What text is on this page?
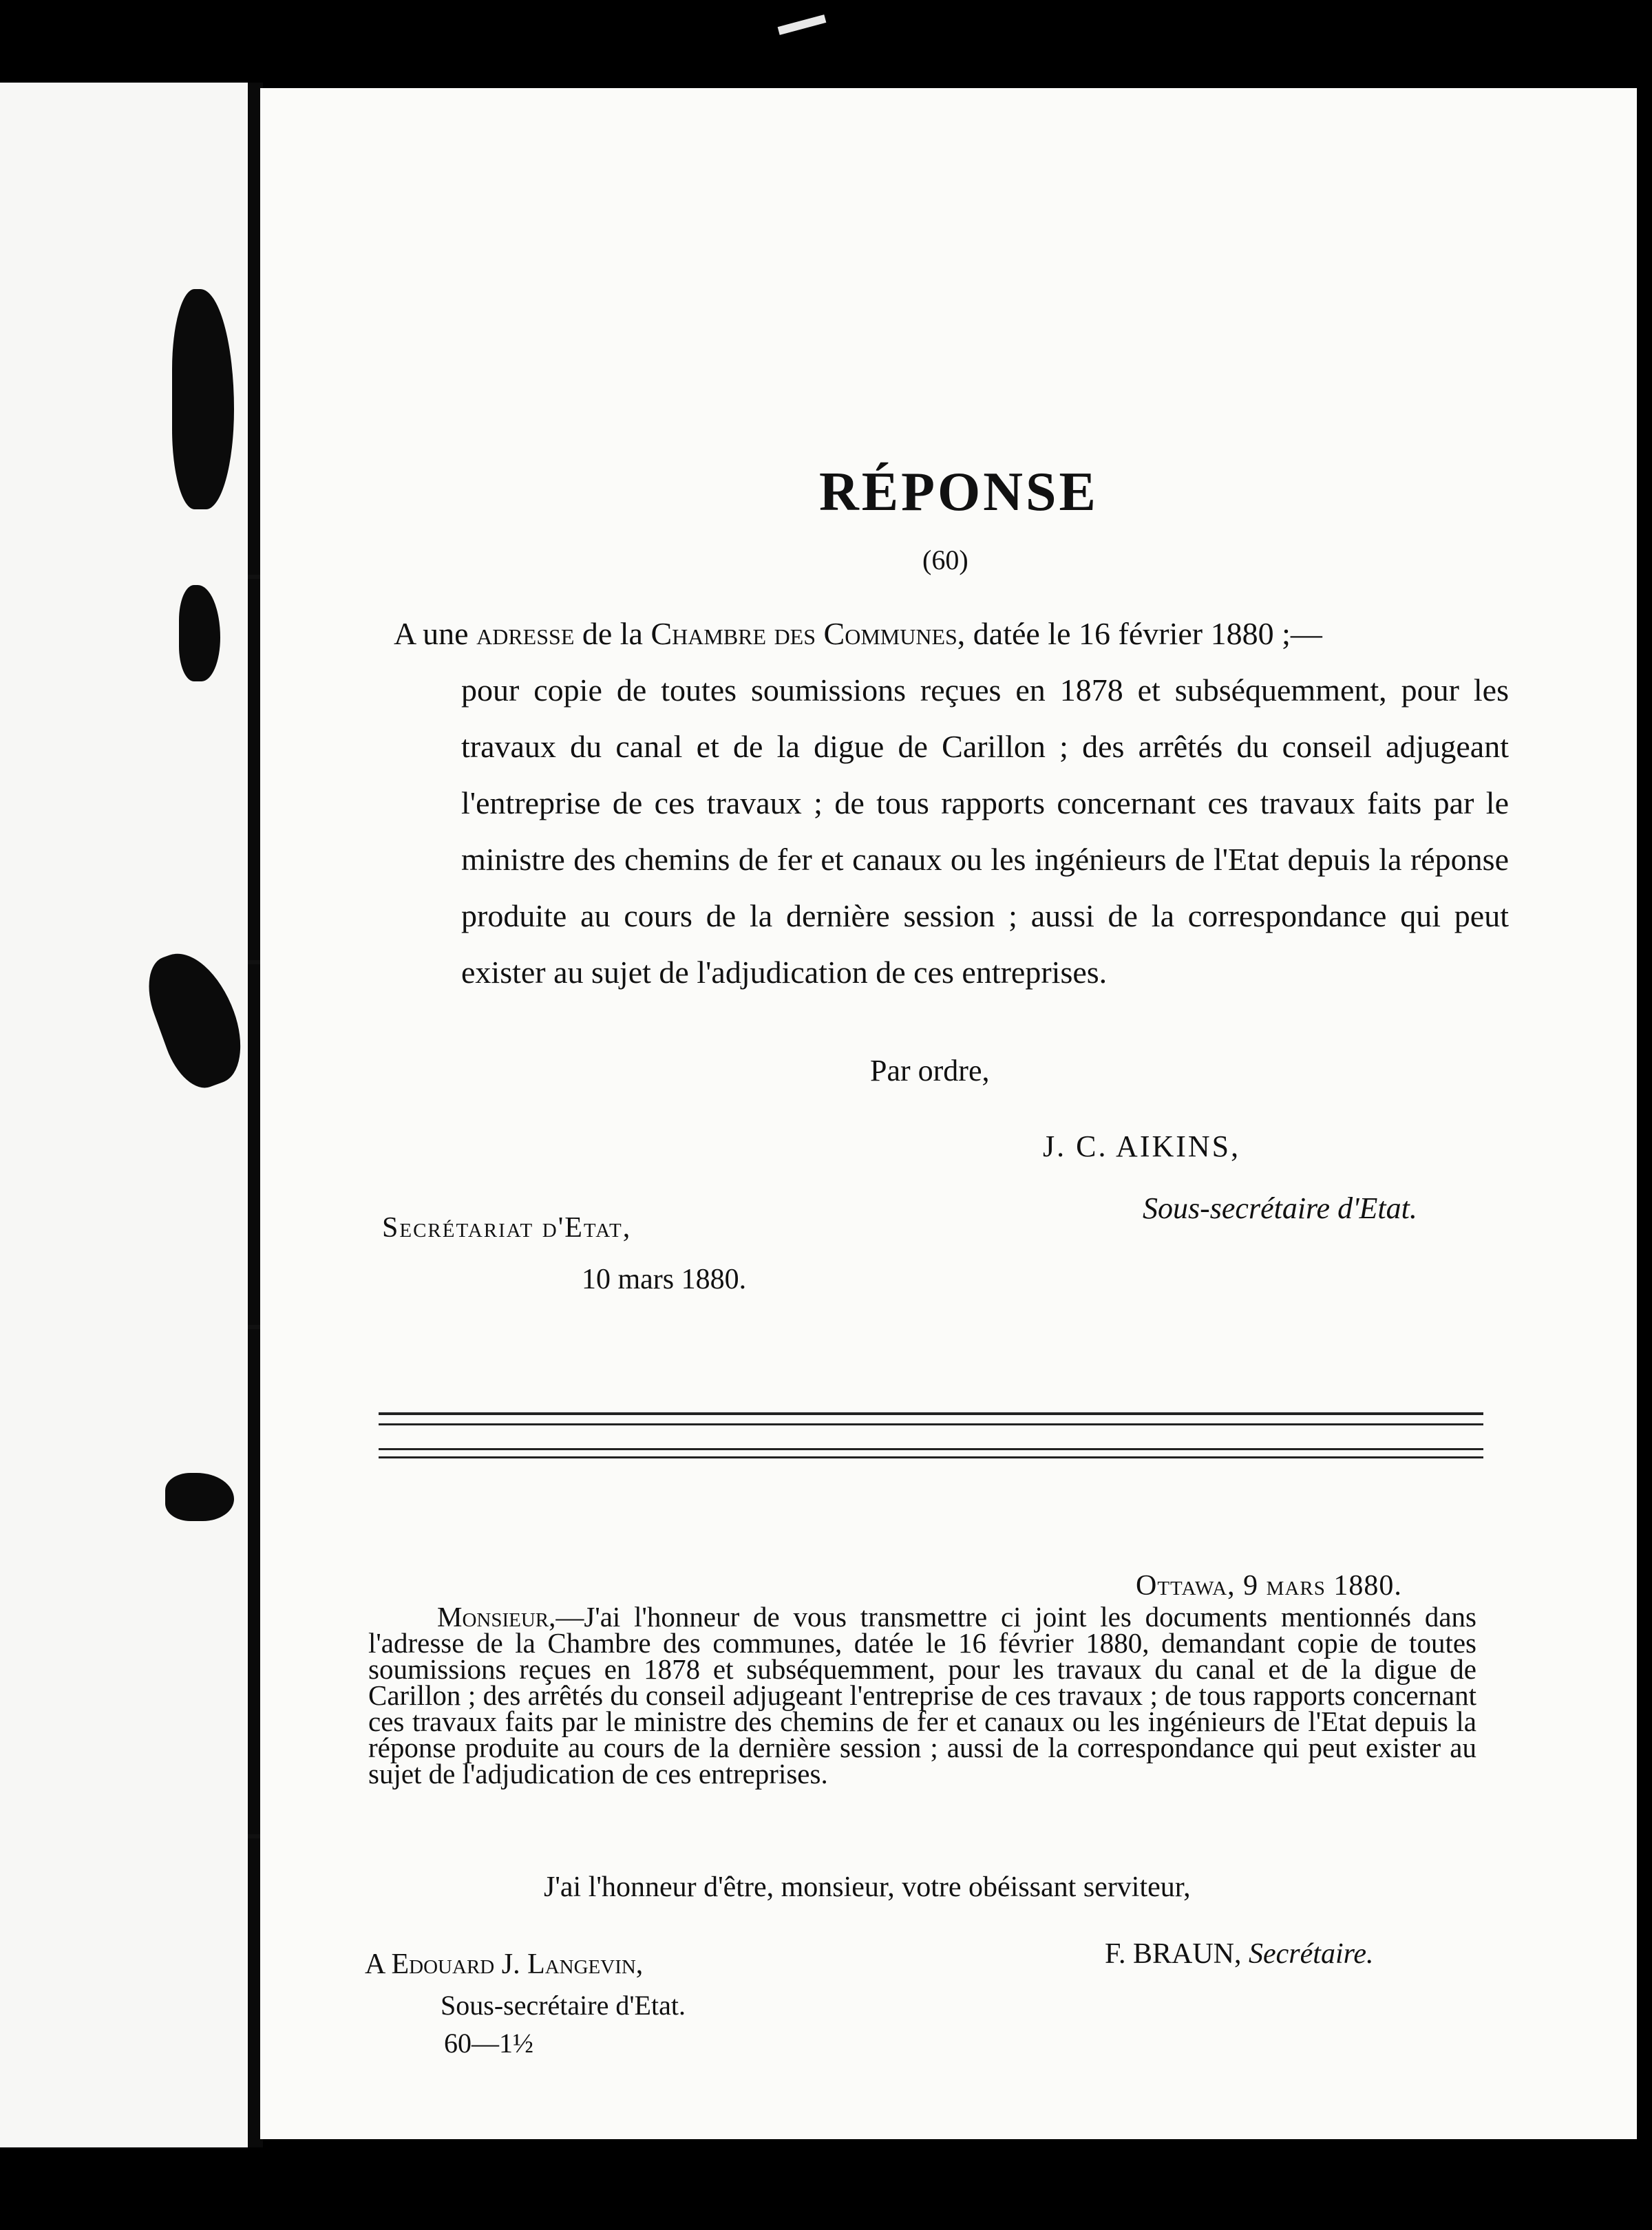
RÉPONSE
(60)
A une adresse de la Chambre des Communes, datée le 16 février 1880 ;—
pour copie de toutes soumissions reçues en 1878 et subséquemment, pour les travaux du canal et de la digue de Carillon ; des arrêtés du conseil adjugeant l'entreprise de ces travaux ; de tous rapports concernant ces travaux faits par le ministre des chemins de fer et canaux ou les ingénieurs de l'Etat depuis la réponse produite au cours de la dernière session ; aussi de la correspondance qui peut exister au sujet de l'adjudication de ces entreprises.
Par ordre,
J. C. AIKINS,
Sous-secrétaire d'Etat.
Secrétariat d'Etat,
10 mars 1880.
Ottawa, 9 mars 1880.
Monsieur,—J'ai l'honneur de vous transmettre ci joint les documents mentionnés dans l'adresse de la Chambre des communes, datée le 16 février 1880, demandant copie de toutes soumissions reçues en 1878 et subséquemment, pour les travaux du canal et de la digue de Carillon ; des arrêtés du conseil adjugeant l'entreprise de ces travaux ; de tous rapports concernant ces travaux faits par le ministre des chemins de fer et canaux ou les ingénieurs de l'Etat depuis la réponse produite au cours de la dernière session ; aussi de la correspondance qui peut exister au sujet de l'adjudication de ces entreprises.
J'ai l'honneur d'être, monsieur, votre obéissant serviteur,
F. BRAUN, Secrétaire.
A Edouard J. Langevin,
Sous-secrétaire d'Etat.
60—1½
